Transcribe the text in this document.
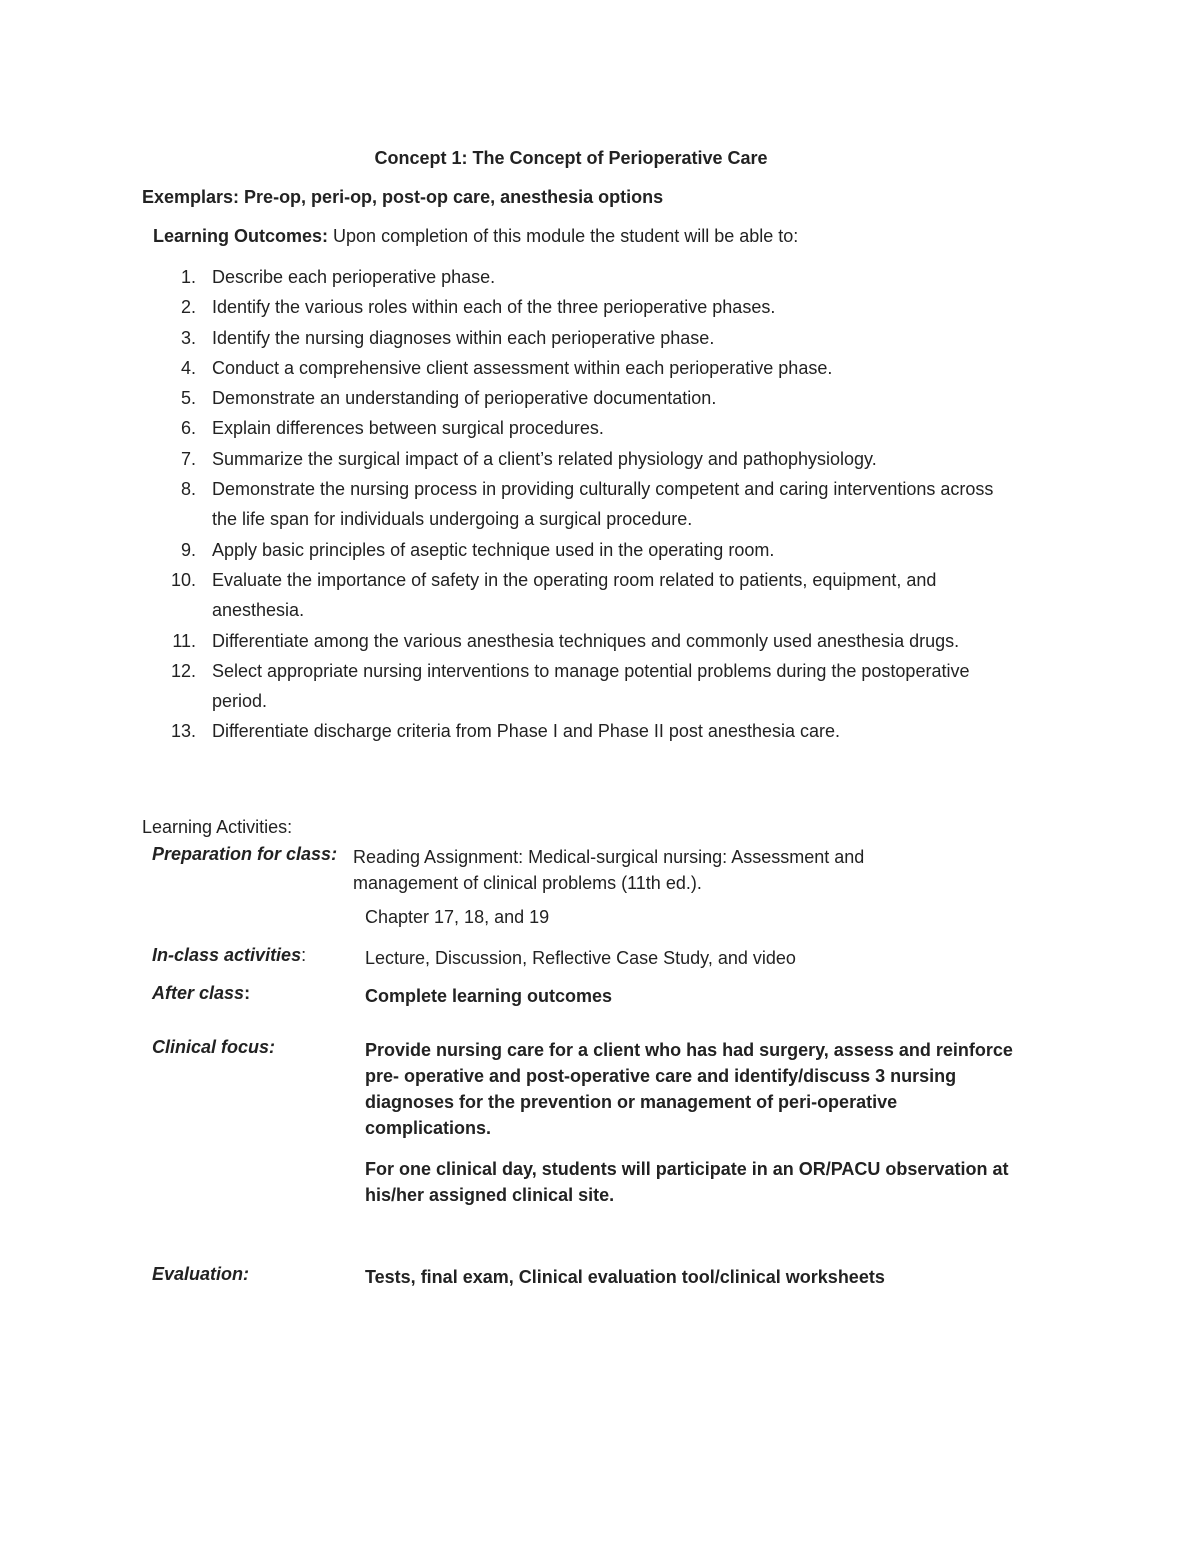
Concept 1: The Concept of Perioperative Care
Exemplars: Pre-op, peri-op, post-op care, anesthesia options
Learning Outcomes: Upon completion of this module the student will be able to:
1. Describe each perioperative phase.
2. Identify the various roles within each of the three perioperative phases.
3. Identify the nursing diagnoses within each perioperative phase.
4. Conduct a comprehensive client assessment within each perioperative phase.
5. Demonstrate an understanding of perioperative documentation.
6. Explain differences between surgical procedures.
7. Summarize the surgical impact of a client’s related physiology and pathophysiology.
8. Demonstrate the nursing process in providing culturally competent and caring interventions across the life span for individuals undergoing a surgical procedure.
9. Apply basic principles of aseptic technique used in the operating room.
10. Evaluate the importance of safety in the operating room related to patients, equipment, and anesthesia.
11. Differentiate among the various anesthesia techniques and commonly used anesthesia drugs.
12. Select appropriate nursing interventions to manage potential problems during the postoperative period.
13. Differentiate discharge criteria from Phase I and Phase II post anesthesia care.
Learning Activities:
Preparation for class: Reading Assignment: Medical-surgical nursing: Assessment and management of clinical problems (11th ed.).
Chapter 17, 18, and 19
In-class activities:	Lecture, Discussion, Reflective Case Study, and video
After class:	Complete learning outcomes
Clinical focus:	Provide nursing care for a client who has had surgery, assess and reinforce pre- operative and post-operative care and identify/discuss 3 nursing diagnoses for the prevention or management of peri-operative complications.
For one clinical day, students will participate in an OR/PACU observation at his/her assigned clinical site.
Evaluation:	Tests, final exam, Clinical evaluation tool/clinical worksheets
